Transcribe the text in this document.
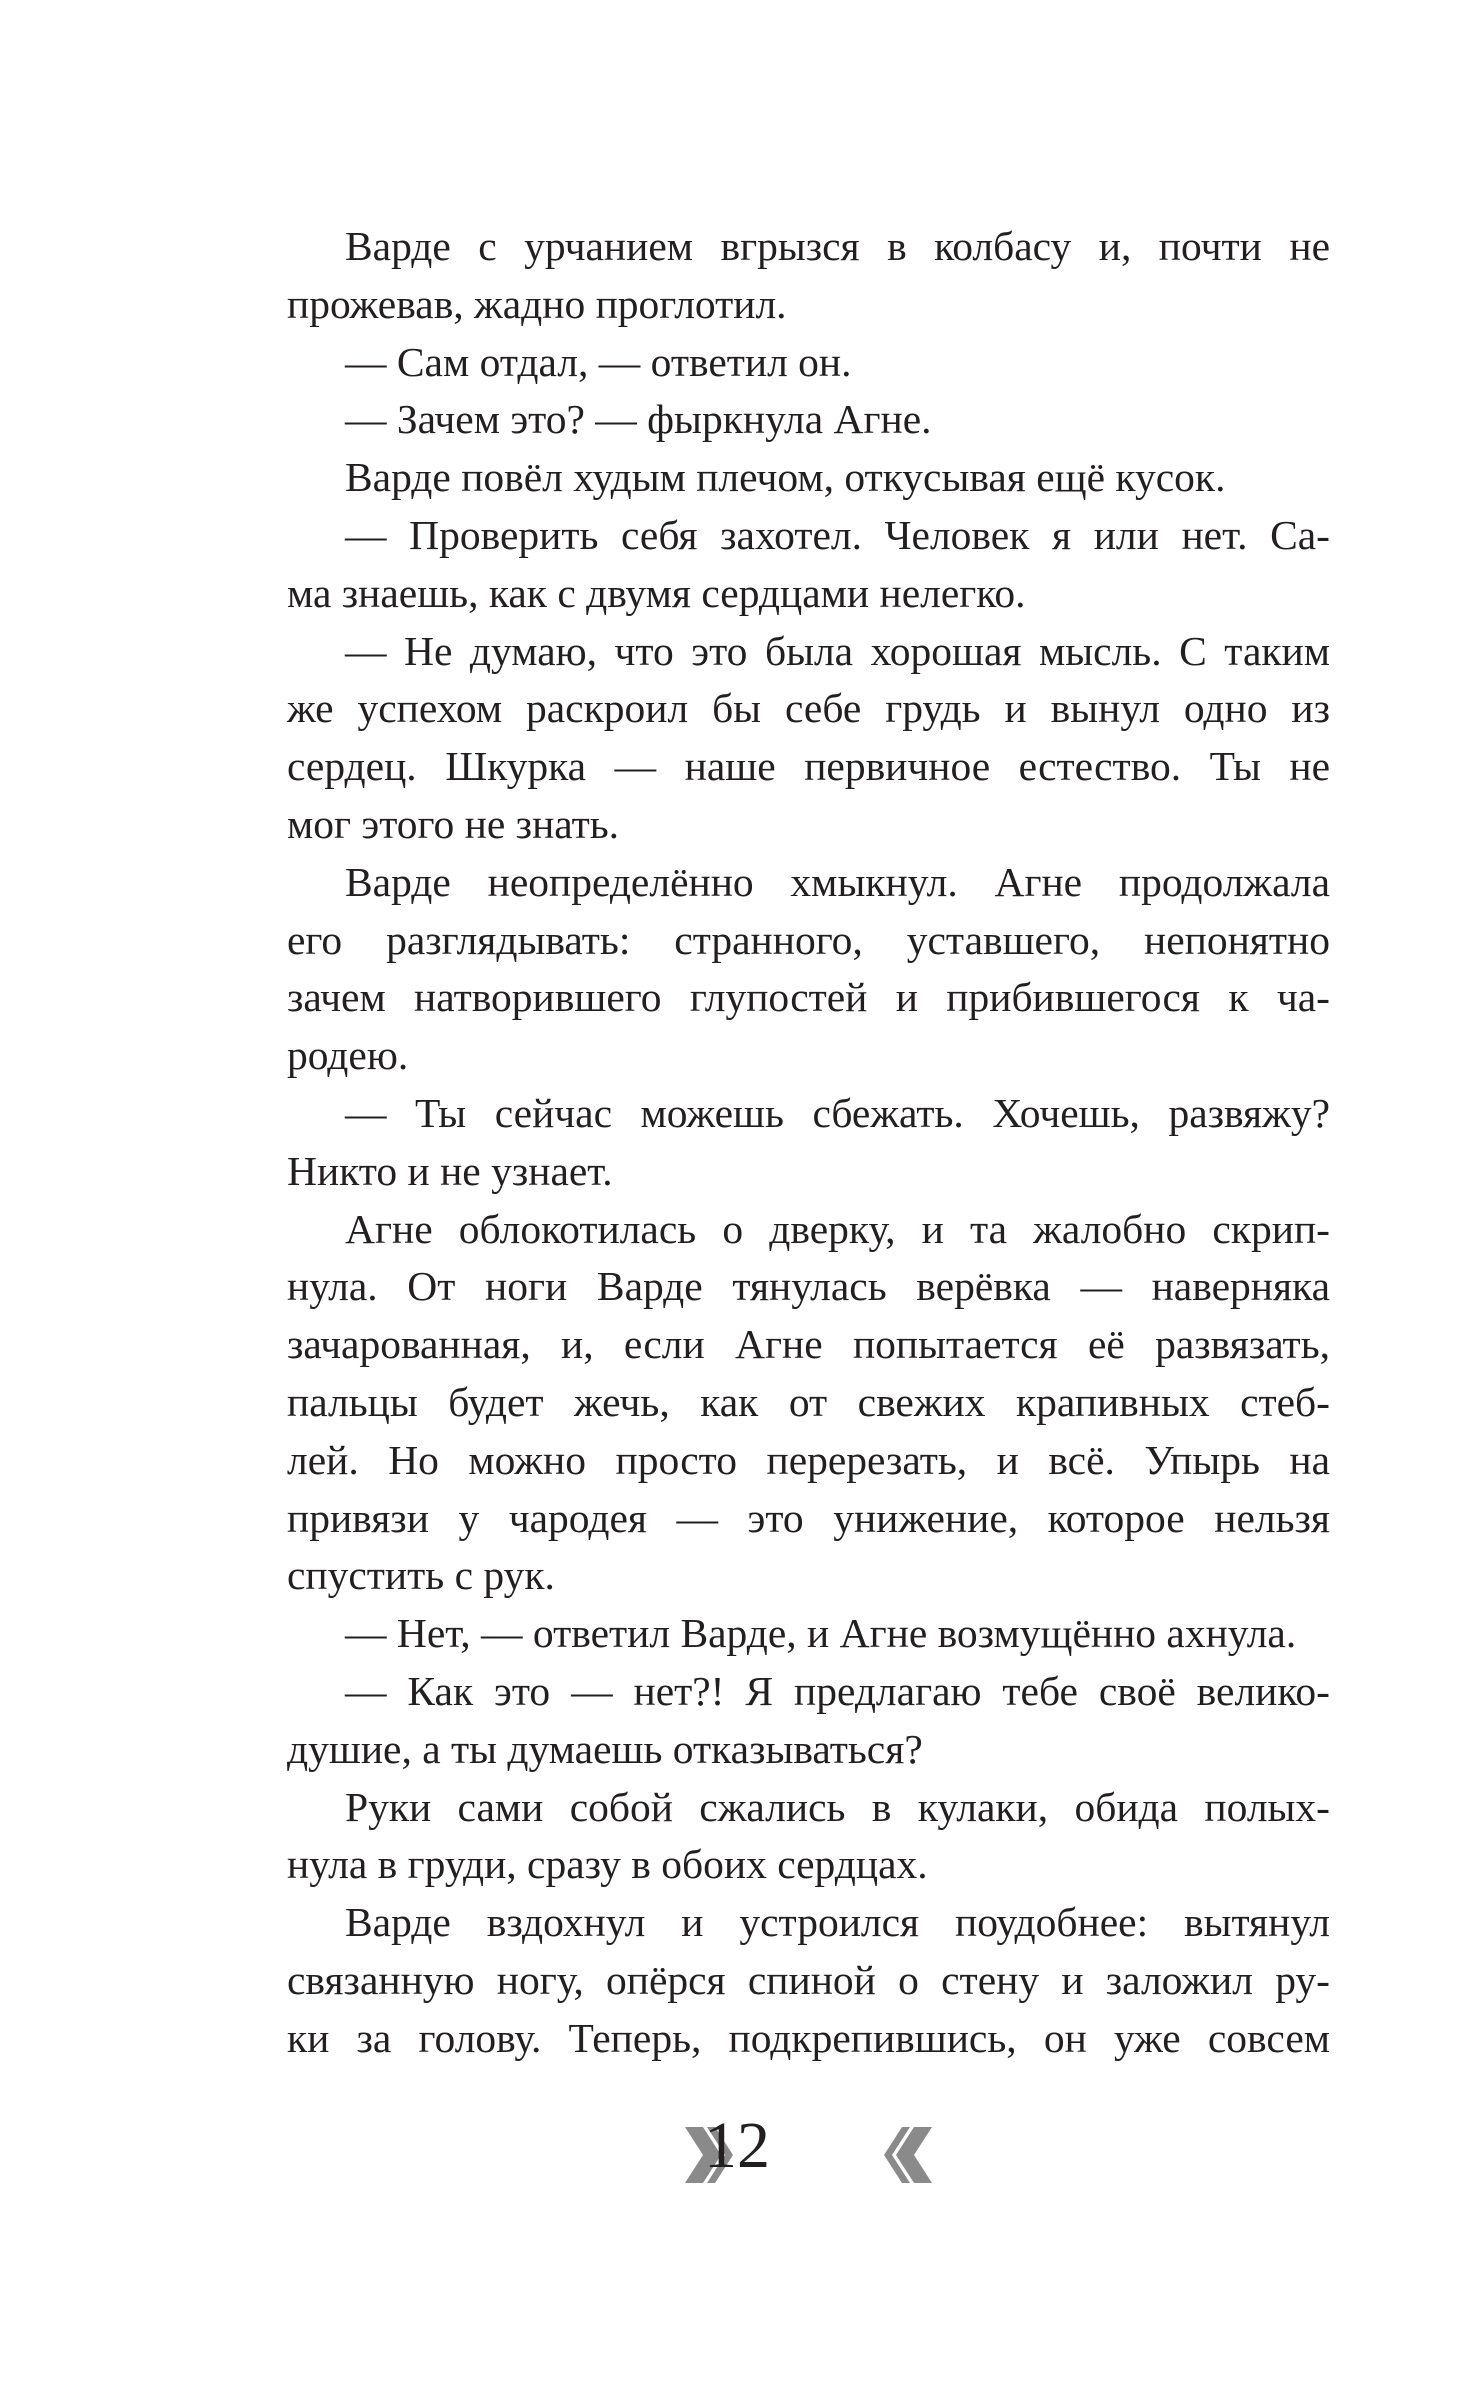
Варде с урчанием вгрызся в колбасу и, почти не
прожевав, жадно проглотил.
— Сам отдал, — ответил он.
— Зачем это? — фыркнула Агне.
Варде повёл худым плечом, откусывая ещё кусок.
— Проверить себя захотел. Человек я или нет. Са-
ма знаешь, как с двумя сердцами нелегко.
— Не думаю, что это была хорошая мысль. С таким
же успехом раскроил бы себе грудь и вынул одно из
сердец. Шкурка — наше первичное естество. Ты не
мог этого не знать.
Варде неопределённо хмыкнул. Агне продолжала
его разглядывать: странного, уставшего, непонятно
зачем натворившего глупостей и прибившегося к ча-
родею.
— Ты сейчас можешь сбежать. Хочешь, развяжу?
Никто и не узнает.
Агне облокотилась о дверку, и та жалобно скрип-
нула. От ноги Варде тянулась верёвка — наверняка
зачарованная, и, если Агне попытается её развязать,
пальцы будет жечь, как от свежих крапивных стеб-
лей. Но можно просто перерезать, и всё. Упырь на
привязи у чародея — это унижение, которое нельзя
спустить с рук.
— Нет, — ответил Варде, и Агне возмущённо ахнула.
— Как это — нет?! Я предлагаю тебе своё велико-
душие, а ты думаешь отказываться?
Руки сами собой сжались в кулаки, обида полых-
нула в груди, сразу в обоих сердцах.
Варде вздохнул и устроился поудобнее: вытянул
связанную ногу, опёрся спиной о стену и заложил ру-
ки за голову. Теперь, подкрепившись, он уже совсем
12
